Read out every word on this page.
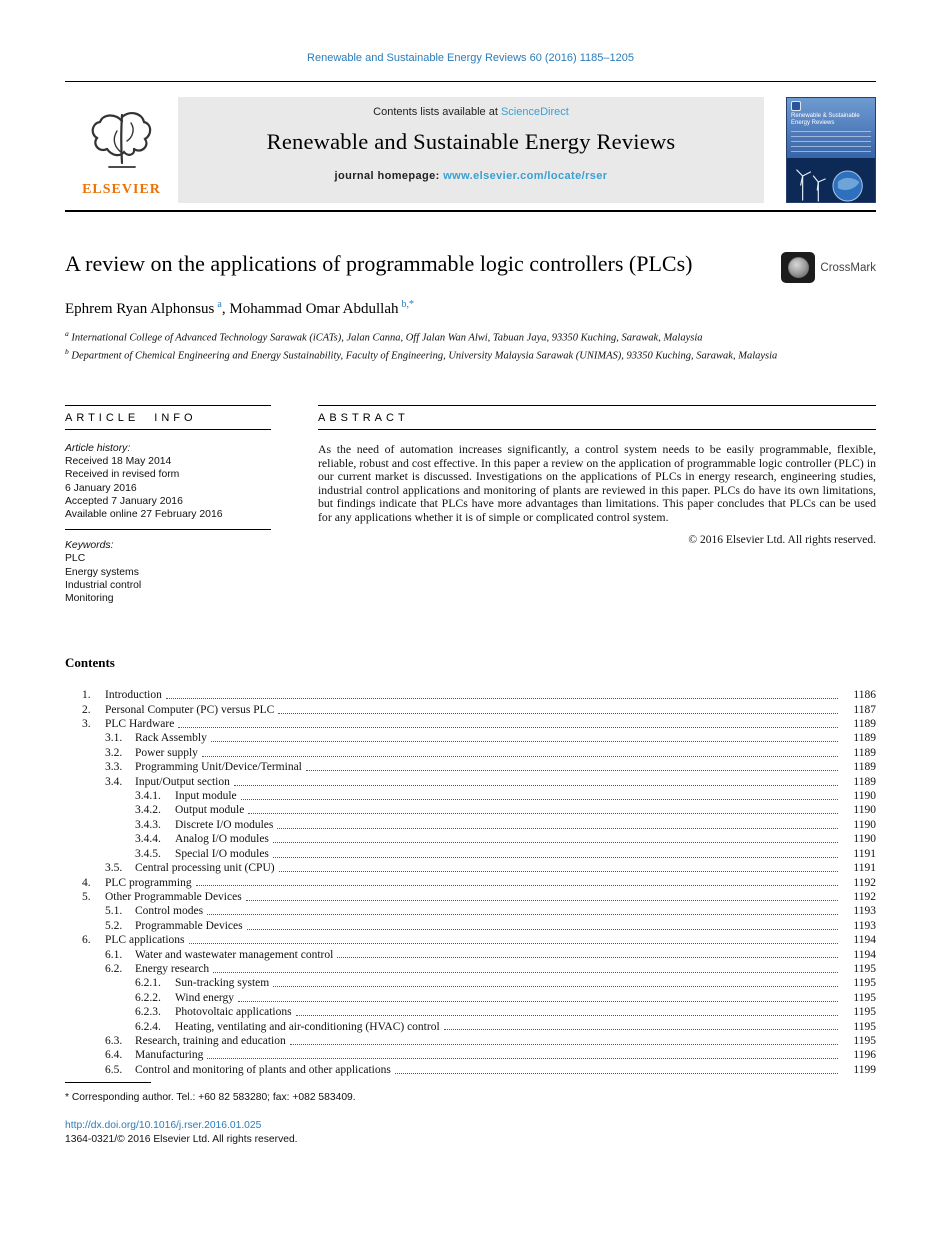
Renewable and Sustainable Energy Reviews 60 (2016) 1185–1205
ELSEVIER
Contents lists available at ScienceDirect
Renewable and Sustainable Energy Reviews
journal homepage: www.elsevier.com/locate/rser
Renewable & Sustainable Energy Reviews
A review on the applications of programmable logic controllers (PLCs)	CrossMark
Ephrem Ryan Alphonsus $^a$, Mohammad Omar Abdullah $^{b,*}$
$^a$ International College of Advanced Technology Sarawak (iCATs), Jalan Canna, Off Jalan Wan Alwi, Tabuan Jaya, 93350 Kuching, Sarawak, Malaysia
$^b$ Department of Chemical Engineering and Energy Sustainability, Faculty of Engineering, University Malaysia Sarawak (UNIMAS), 93350 Kuching, Sarawak, Malaysia
ARTICLE INFO
Article history:
Received 18 May 2014
Received in revised form
6 January 2016
Accepted 7 January 2016
Available online 27 February 2016
Keywords:
PLC
Energy systems
Industrial control
Monitoring
ABSTRACT

As the need of automation increases significantly, a control system needs to be easily programmable, flexible, reliable, robust and cost effective. In this paper a review on the application of programmable logic controller (PLC) in our current market is discussed. Investigations on the applications of PLCs in energy research, engineering studies, industrial control applications and monitoring of plants are reviewed in this paper. PLCs do have its own limitations, but findings indicate that PLCs have more advantages than limitations. This paper concludes that PLCs can be used for any applications whether it is of simple or complicated control system.

© 2016 Elsevier Ltd. All rights reserved.
Contents
1.	Introduction	1186
2.	Personal Computer (PC) versus PLC	1187
3.	PLC Hardware	1189
3.1.	Rack Assembly	1189
3.2.	Power supply	1189
3.3.	Programming Unit/Device/Terminal	1189
3.4.	Input/Output section	1189
3.4.1.	Input module	1190
3.4.2.	Output module	1190
3.4.3.	Discrete I/O modules	1190
3.4.4.	Analog I/O modules	1190
3.4.5.	Special I/O modules	1191
3.5.	Central processing unit (CPU)	1191
4.	PLC programming	1192
5.	Other Programmable Devices	1192
5.1.	Control modes	1193
5.2.	Programmable Devices	1193
6.	PLC applications	1194
6.1.	Water and wastewater management control	1194
6.2.	Energy research	1195
6.2.1.	Sun-tracking system	1195
6.2.2.	Wind energy	1195
6.2.3.	Photovoltaic applications	1195
6.2.4.	Heating, ventilating and air-conditioning (HVAC) control	1195
6.3.	Research, training and education	1195
6.4.	Manufacturing	1196
6.5.	Control and monitoring of plants and other applications	1199
* Corresponding author. Tel.: +60 82 583280; fax: +082 583409.
http://dx.doi.org/10.1016/j.rser.2016.01.025
1364-0321/© 2016 Elsevier Ltd. All rights reserved.
